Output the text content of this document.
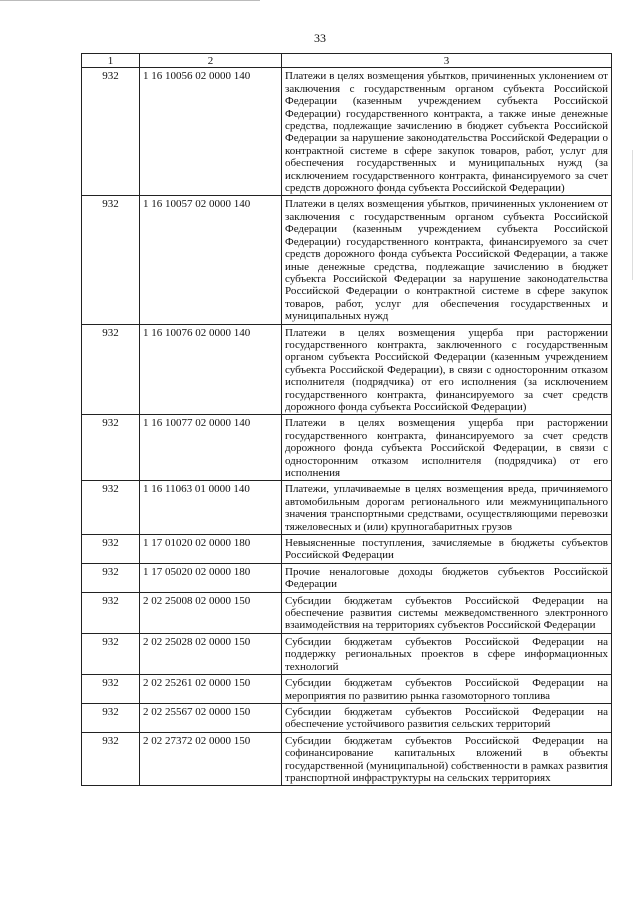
33
1	2	3
932	1 16 10056 02 0000 140	Платежи в целях возмещения убытков, причиненных уклонением от заключения с государственным органом субъекта Российской Федерации (казенным учреждением субъекта Российской Федерации) государственного контракта, а также иные денежные средства, подлежащие зачислению в бюджет субъекта Российской Федерации за нарушение законодательства Российской Федерации о контрактной системе в сфере закупок товаров, работ, услуг для обеспечения государственных и муниципальных нужд (за исключением государственного контракта, финансируемого за счет средств дорожного фонда субъекта Российской Федерации)
932	1 16 10057 02 0000 140	Платежи в целях возмещения убытков, причиненных уклонением от заключения с государственным органом субъекта Российской Федерации (казенным учреждением субъекта Российской Федерации) государственного контракта, финансируемого за счет средств дорожного фонда субъекта Российской Федерации, а также иные денежные средства, подлежащие зачислению в бюджет субъекта Российской Федерации за нарушение законодательства Российской Федерации о контрактной системе в сфере закупок товаров, работ, услуг для обеспечения государственных и муниципальных нужд
932	1 16 10076 02 0000 140	Платежи в целях возмещения ущерба при расторжении государственного контракта, заключенного с государственным органом субъекта Российской Федерации (казенным учреждением субъекта Российской Федерации), в связи с односторонним отказом исполнителя (подрядчика) от его исполнения (за исключением государственного контракта, финансируемого за счет средств дорожного фонда субъекта Российской Федерации)
932	1 16 10077 02 0000 140	Платежи в целях возмещения ущерба при расторжении государственного контракта, финансируемого за счет средств дорожного фонда субъекта Российской Федерации, в связи с односторонним отказом исполнителя (подрядчика) от его исполнения
932	1 16 11063 01 0000 140	Платежи, уплачиваемые в целях возмещения вреда, причиняемого автомобильным дорогам регионального или межмуниципального значения транспортными средствами, осуществляющими перевозки тяжеловесных и (или) крупногабаритных грузов
932	1 17 01020 02 0000 180	Невыясненные поступления, зачисляемые в бюджеты субъектов Российской Федерации
932	1 17 05020 02 0000 180	Прочие неналоговые доходы бюджетов субъектов Российской Федерации
932	2 02 25008 02 0000 150	Субсидии бюджетам субъектов Российской Федерации на обеспечение развития системы межведомственного электронного взаимодействия на территориях субъектов Российской Федерации
932	2 02 25028 02 0000 150	Субсидии бюджетам субъектов Российской Федерации на поддержку региональных проектов в сфере информационных технологий
932	2 02 25261 02 0000 150	Субсидии бюджетам субъектов Российской Федерации на мероприятия по развитию рынка газомоторного топлива
932	2 02 25567 02 0000 150	Субсидии бюджетам субъектов Российской Федерации на обеспечение устойчивого развития сельских территорий
932	2 02 27372 02 0000 150	Субсидии бюджетам субъектов Российской Федерации на софинансирование капитальных вложений в объекты государственной (муниципальной) собственности в рамках развития транспортной инфраструктуры на сельских территориях
